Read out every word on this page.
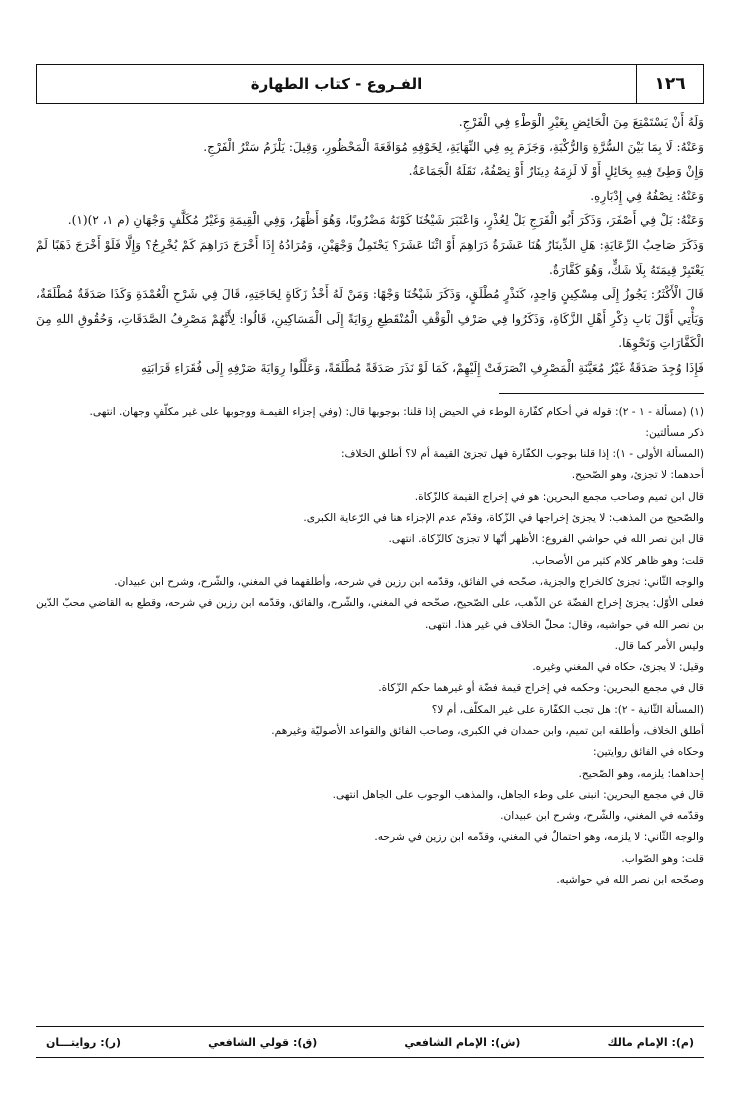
١٢٦
الفـروع - كتاب الطهارة

وَلَهُ أَنْ يَسْتَمْتِعَ مِنَ الْحَائِضِ بِغَيْرِ الْوَطْءِ فِي الْفَرْجِ.

وَعَنْهُ: لَا بِمَا بَيْنَ السُّرَّةِ وَالرُّكْبَةِ، وَجَزَمَ بِهِ فِي النِّهَايَةِ، لِخَوْفِهِ مُوَاقَعَةَ الْمَحْظُورِ، وَقِيلَ: يَلْزَمُ سَتْرُ الْفَرْجِ.

وَإِنْ وَطِئَ فِيهِ بِحَائِلٍ أَوْ لَا لَزِمَهُ دِينَارٌ أَوْ نِصْفُهُ، نَقَلَهُ الْجَمَاعَةُ.

وَعَنْهُ: نِصْفُهُ فِي إِدْبَارِهِ.

وَعَنْهُ: بَلْ فِي أَصْفَرَ، وَذَكَرَ أَبُو الْفَرَجِ بَلْ لِعُذْرٍ، وَاعْتَبَرَ شَيْخُنَا كَوْنَهُ مَضْرُوبًا، وَهُوَ أَظْهَرُ، وَفِي الْقِيمَةِ وَغَيْرُ مُكَلَّفٍ وَجْهَانِ (م ١، ٢)(١).

وَذَكَرَ صَاحِبُ الرِّعَايَةِ: هَلِ الدِّينَارُ هُنَا عَشَرَةُ دَرَاهِمَ أَوْ اثْنَا عَشَرَ؟ يَحْتَمِلُ وَجْهَيْنِ، وَمُرَادُهُ إِذَا أَخْرَجَ دَرَاهِمَ كَمْ يُخْرِجُ؟ وَإِلَّا فَلَوْ أَخْرَجَ ذَهَبًا لَمْ يَعْتَبِرْ قِيمَتَهُ بِلَا شَكٍّ، وَهُوَ كَفَّارَةٌ.

قَالَ الْأَكْثَرُ: يَجُوزُ إِلَى مِسْكِينٍ وَاحِدٍ، كَنَذْرٍ مُطْلَقٍ، وَذَكَرَ شَيْخُنَا وَجْهًا: وَمَنْ لَهُ أَخْذُ زَكَاةٍ لِحَاجَتِهِ، قَالَ فِي شَرْحِ الْعُمْدَةِ وَكَذَا صَدَقَةٌ مُطْلَقَةٌ، وَيَأْتِي أَوَّلَ بَابِ ذِكْرِ أَهْلِ الزَّكَاةِ، وَذَكَرُوا فِي صَرْفِ الْوَقْفِ الْمُنْقَطِعِ رِوَايَةً إِلَى الْمَسَاكِينِ، قَالُوا: لِأَنَّهُمْ مَصْرِفُ الصَّدَقَاتِ، وَحُقُوقِ اللهِ مِنَ الْكَفَّارَاتِ وَنَحْوِهَا.

فَإِذَا وُجِدَ صَدَقَةٌ غَيْرُ مُعَيَّنَةِ الْمَصْرِفِ انْصَرَفَتْ إِلَيْهِمْ، كَمَا لَوْ نَذَرَ صَدَقَةً مُطْلَقَةً، وَعَلَّلُوا رِوَايَةَ صَرْفِهِ إِلَى فُقَرَاءِ قَرَابَتِهِ

(١) (مسألة - ١ - ٢): قوله في أحكام كفّارة الوطء في الحيض إذا قلنا: بوجوبها قال: (وفي إجزاء القيمـة ووجوبها على غير مكلّفٍ وجهان. انتهى.

ذكر مسألتين:

(المسألة الأولى - ١): إذا قلنا بوجوب الكفّارة فهل تجزئ القيمة أم لا؟ أطلق الخلاف:

أحدهما: لا تجزئ، وهو الصّحيح.

قال ابن تميم وصاحب مجمع البحرين: هو في إخراج القيمة كالزّكاة.

والصّحيح من المذهب: لا يجزئ إخراجها في الزّكاة، وقدّم عدم الإجزاء هنا في الرّعاية الكبرى.

قال ابن نصر الله في حواشي الفروع: الأظهر أنّها لا تجزئ كالزّكاة. انتهى.

قلت: وهو ظاهر كلام كثير من الأصحاب.

والوجه الثّاني: تجزئ كالخراج والجزية، صحّحه في الفائق، وقدّمه ابن رزين في شرحه، وأطلقهما في المغني، والشّرح، وشرح ابن عبيدان.

فعلى الأوّل: يجزئ إخراج الفضّة عن الذّهب، على الصّحيح، صحّحه في المغني، والشّرح، والفائق، وقدّمه ابن رزين في شرحه، وقطع به القاضي محبّ الدّين بن نصر الله في حواشيه، وقال: محلّ الخلاف في غير هذا. انتهى.

وليس الأمر كما قال.

وقيل: لا يجزئ، حكاه في المغني وغيره.

قال في مجمع البحرين: وحكمه في إخراج قيمة فضّة أو غيرهما حكم الزّكاة.

(المسألة الثّانية - ٢): هل تجب الكفّارة على غير المكلّف، أم لا؟

أطلق الخلاف، وأطلقه ابن تميم، وابن حمدان في الكبرى، وصاحب الفائق والقواعد الأصوليّة وغيرهم.

وحكاه في الفائق روايتين:

إحداهما: يلزمه، وهو الصّحيح.

قال في مجمع البحرين: انبنى على وطء الجاهل، والمذهب الوجوب على الجاهل انتهى.

وقدّمه في المغني، والشّرح، وشرح ابن عبيدان.

والوجه الثّاني: لا يلزمه، وهو احتمالٌ في المغني، وقدّمه ابن رزين في شرحه.

قلت: وهو الصّواب.

وصحّحه ابن نصر الله في حواشيه.

(م): الإمام مالك
(ش): الإمام الشافعي
(ق): قولي الشافعي
(ر): روايتـــان
